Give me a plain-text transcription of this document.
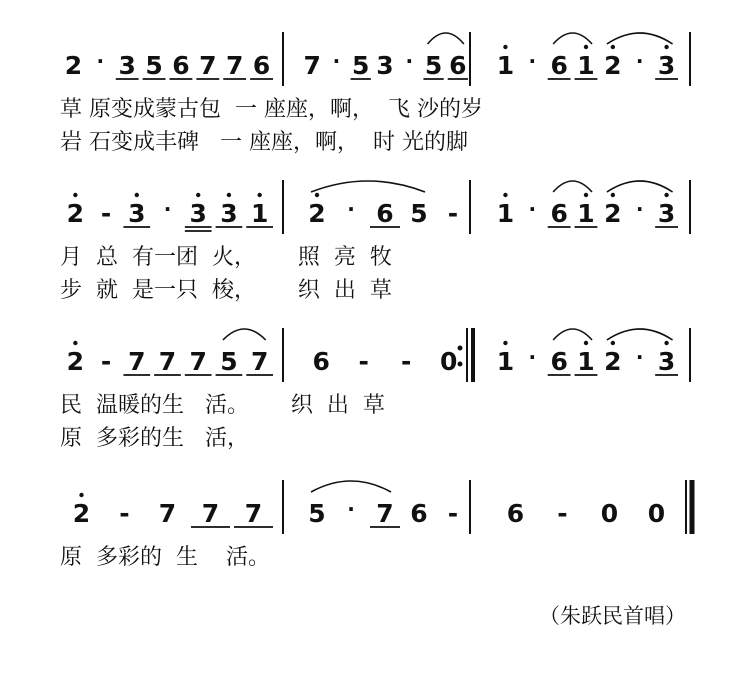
2 · 3 5 6 7 7 6 7 · 5 3 · 5 6 1 · 6 1 2 · 3
草 原变成蒙古包  一 座座，啊，  飞 沙的岁
岩 石变成丰碑   一 座座，啊，  时 光的脚
2 - 3 · 3 3 1 2 · 6 5 - 1 · 6 1 2 · 3
月  总  有一团  火，      照  亮  牧
步  就  是一只  梭，      织  出  草
2 - 7 7 7 5 7 6 - - 0 1 · 6 1 2 · 3
民  温暖的生   活。      织  出  草
原  多彩的生   活，
2 - 7 7 7 5 · 7 6 - 6 - 0 0
原  多彩的  生    活。
（朱跃民首唱）
